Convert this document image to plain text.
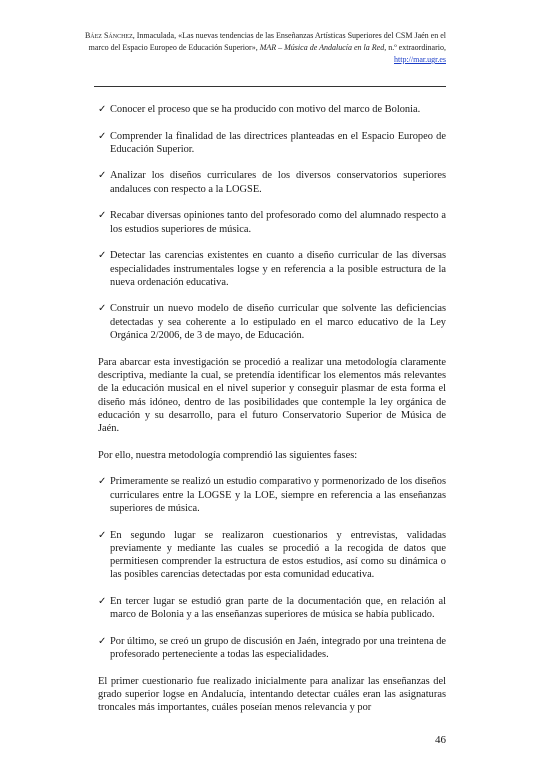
Báez Sánchez, Inmaculada, «Las nuevas tendencias de las Enseñanzas Artísticas Superiores del CSM Jaén en el marco del Espacio Europeo de Educación Superior», MAR – Música de Andalucía en la Red, n.º extraordinario, http://mar.ugr.es
✓ Conocer el proceso que se ha producido con motivo del marco de Bolonia.
✓ Comprender la finalidad de las directrices planteadas en el Espacio Europeo de Educación Superior.
✓ Analizar los diseños curriculares de los diversos conservatorios superiores andaluces con respecto a la LOGSE.
✓ Recabar diversas opiniones tanto del profesorado como del alumnado respecto a los estudios superiores de música.
✓ Detectar las carencias existentes en cuanto a diseño curricular de las diversas especialidades instrumentales logse y en referencia a la posible estructura de la nueva ordenación educativa.
✓ Construir un nuevo modelo de diseño curricular que solvente las deficiencias detectadas y sea coherente a lo estipulado en el marco educativo de la Ley Orgánica 2/2006, de 3 de mayo, de Educación.

Para abarcar esta investigación se procedió a realizar una metodología claramente descriptiva, mediante la cual, se pretendía identificar los elementos más relevantes de la educación musical en el nivel superior y conseguir plasmar de esta forma el diseño más idóneo, dentro de las posibilidades que contemple la ley orgánica de educación y su desarrollo, para el futuro Conservatorio Superior de Música de Jaén.

Por ello, nuestra metodología comprendió las siguientes fases:

✓ Primeramente se realizó un estudio comparativo y pormenorizado de los diseños curriculares entre la LOGSE y la LOE, siempre en referencia a las enseñanzas superiores de música.
✓ En segundo lugar se realizaron cuestionarios y entrevistas, validadas previamente y mediante las cuales se procedió a la recogida de datos que permitiesen comprender la estructura de estos estudios, así como su dinámica o las posibles carencias detectadas por esta comunidad educativa.
✓ En tercer lugar se estudió gran parte de la documentación que, en relación al marco de Bolonia y a las enseñanzas superiores de música se había publicado.
✓ Por último, se creó un grupo de discusión en Jaén, integrado por una treintena de profesorado perteneciente a todas las especialidades.

El primer cuestionario fue realizado inicialmente para analizar las enseñanzas del grado superior logse en Andalucía, intentando detectar cuáles eran las asignaturas troncales más importantes, cuáles poseían menos relevancia y por

46
